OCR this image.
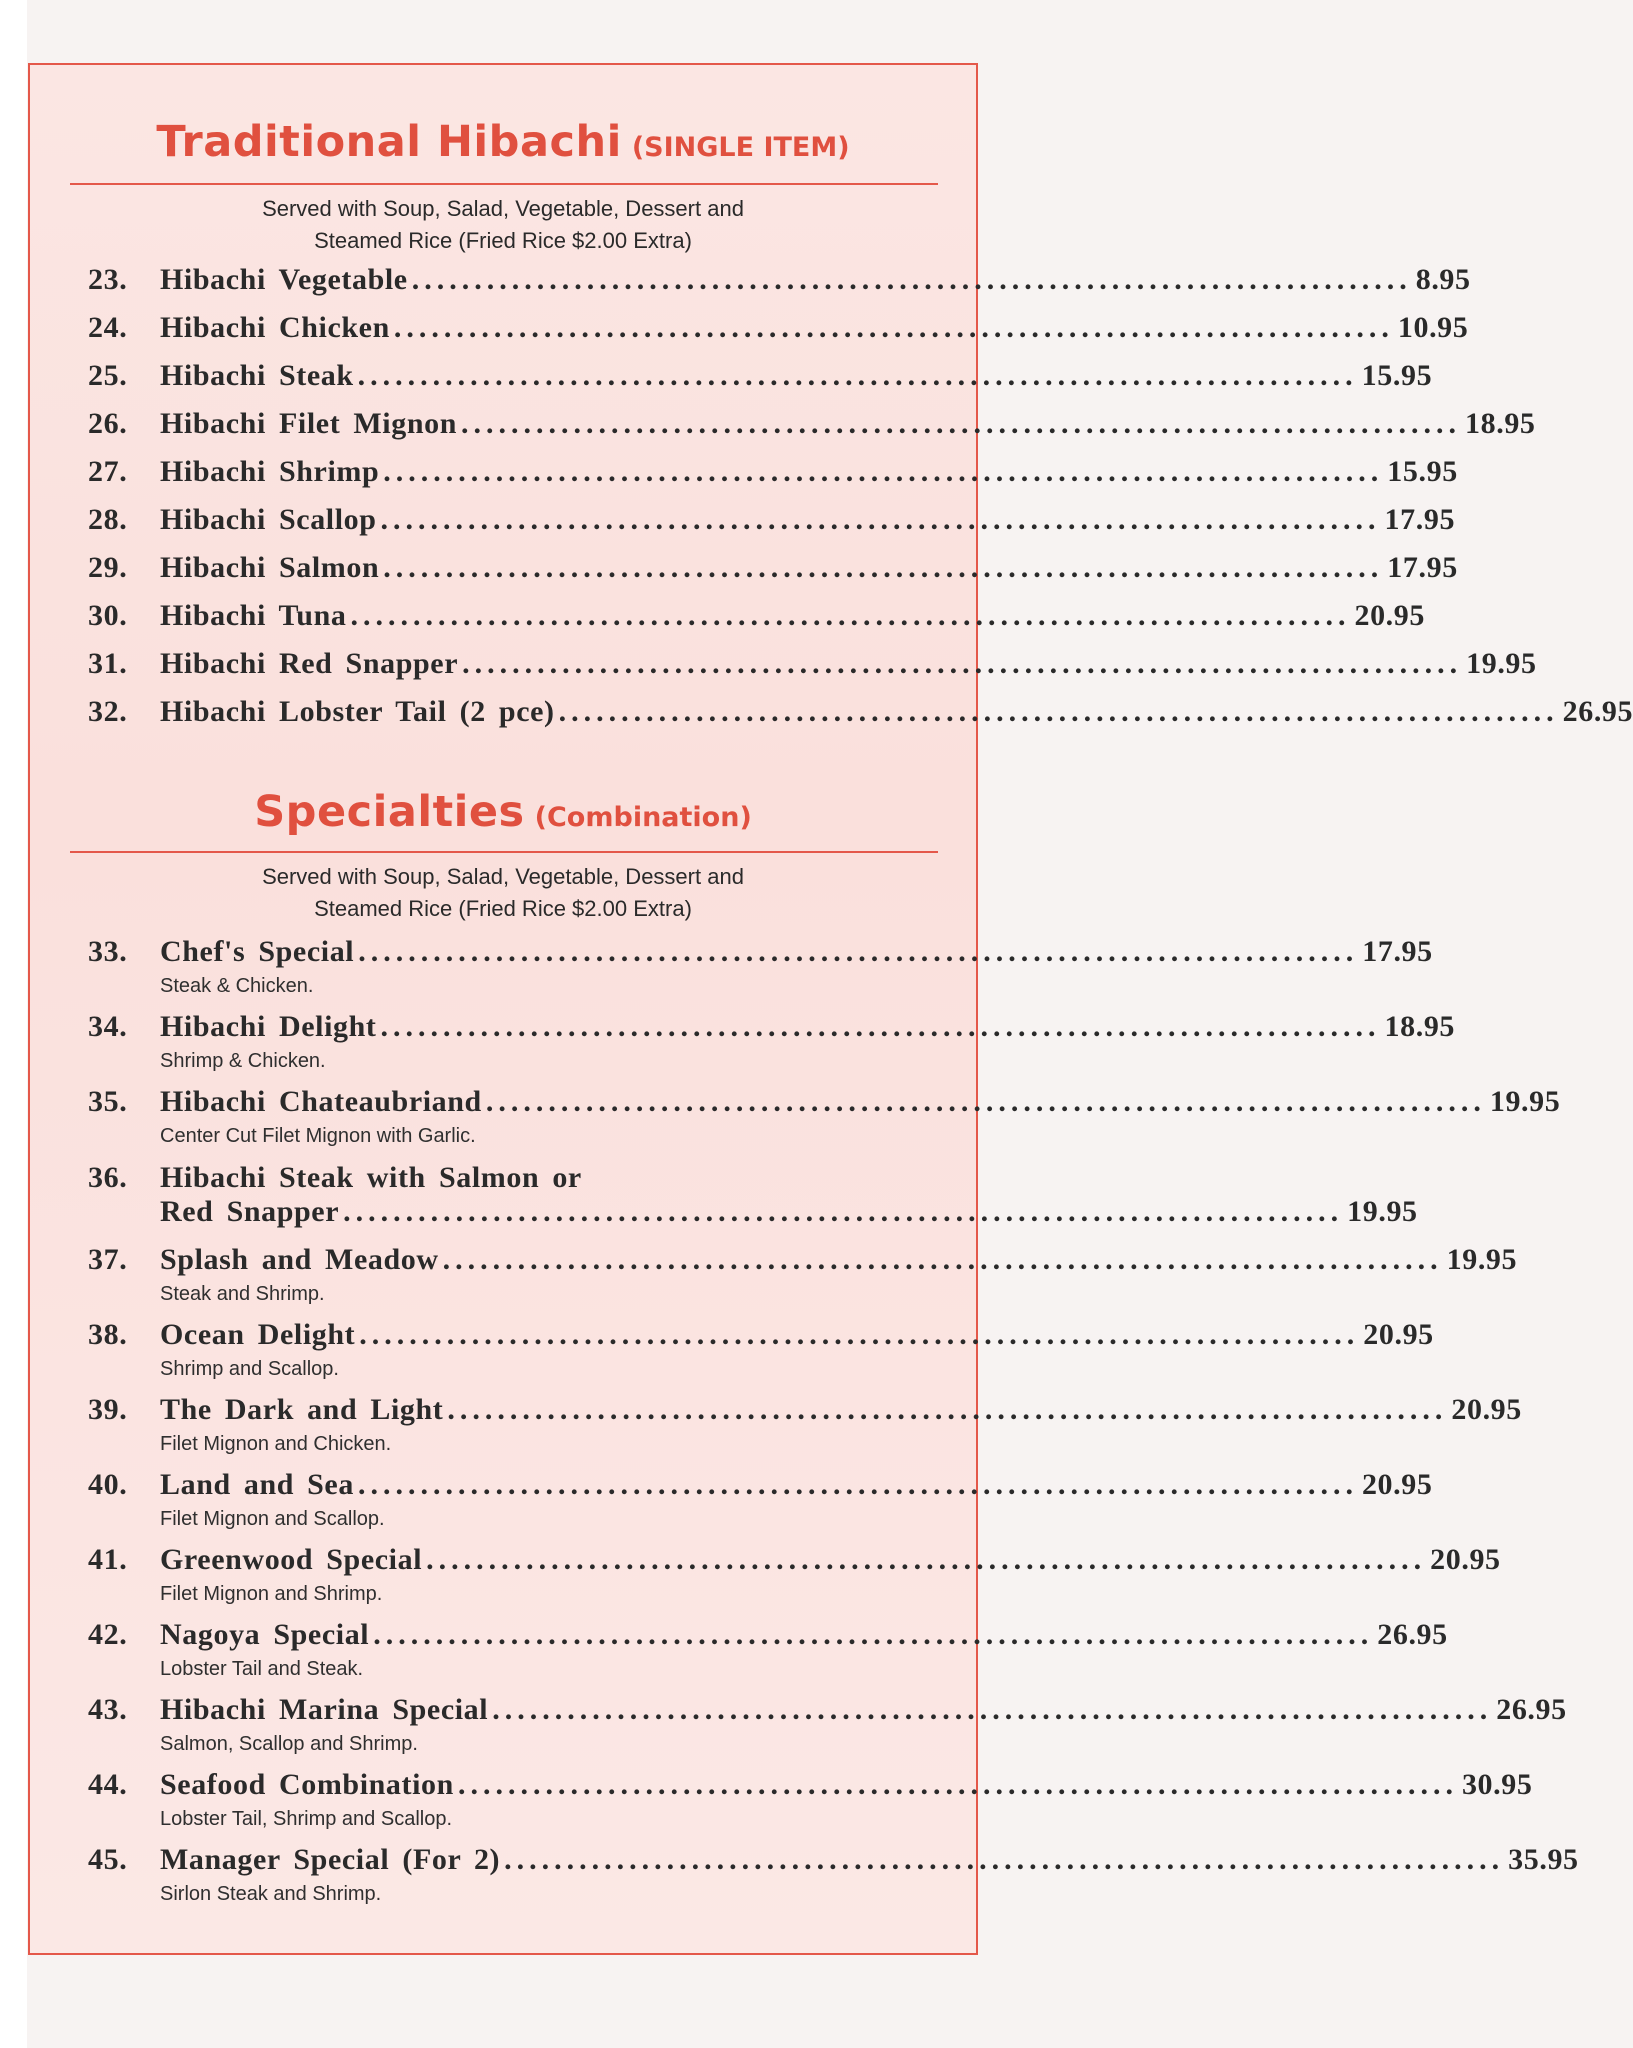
Traditional Hibachi (SINGLE ITEM)
Served with Soup, Salad, Vegetable, Dessert and
Steamed Rice (Fried Rice $2.00 Extra)
23.	Hibachi Vegetable ................................................................................ 8.95
24.	Hibachi Chicken ................................................................................ 10.95
25.	Hibachi Steak ................................................................................ 15.95
26.	Hibachi Filet Mignon ................................................................................ 18.95
27.	Hibachi Shrimp ................................................................................ 15.95
28.	Hibachi Scallop ................................................................................ 17.95
29.	Hibachi Salmon ................................................................................ 17.95
30.	Hibachi Tuna ................................................................................ 20.95
31.	Hibachi Red Snapper ................................................................................ 19.95
32.	Hibachi Lobster Tail (2 pce) ................................................................................ 26.95
Specialties (Combination)
Served with Soup, Salad, Vegetable, Dessert and
Steamed Rice (Fried Rice $2.00 Extra)
33.	Chef's Special ................................................................................ 17.95
Steak & Chicken.
34.	Hibachi Delight ................................................................................ 18.95
Shrimp & Chicken.
35.	Hibachi Chateaubriand ................................................................................ 19.95
Center Cut Filet Mignon with Garlic.
36.	Hibachi Steak with Salmon or
Red Snapper ................................................................................ 19.95
37.	Splash and Meadow ................................................................................ 19.95
Steak and Shrimp.
38.	Ocean Delight ................................................................................ 20.95
Shrimp and Scallop.
39.	The Dark and Light ................................................................................ 20.95
Filet Mignon and Chicken.
40.	Land and Sea ................................................................................ 20.95
Filet Mignon and Scallop.
41.	Greenwood Special ................................................................................ 20.95
Filet Mignon and Shrimp.
42.	Nagoya Special ................................................................................ 26.95
Lobster Tail and Steak.
43.	Hibachi Marina Special ................................................................................ 26.95
Salmon, Scallop and Shrimp.
44.	Seafood Combination ................................................................................ 30.95
Lobster Tail, Shrimp and Scallop.
45.	Manager Special (For 2) ................................................................................ 35.95
Sirlon Steak and Shrimp.
